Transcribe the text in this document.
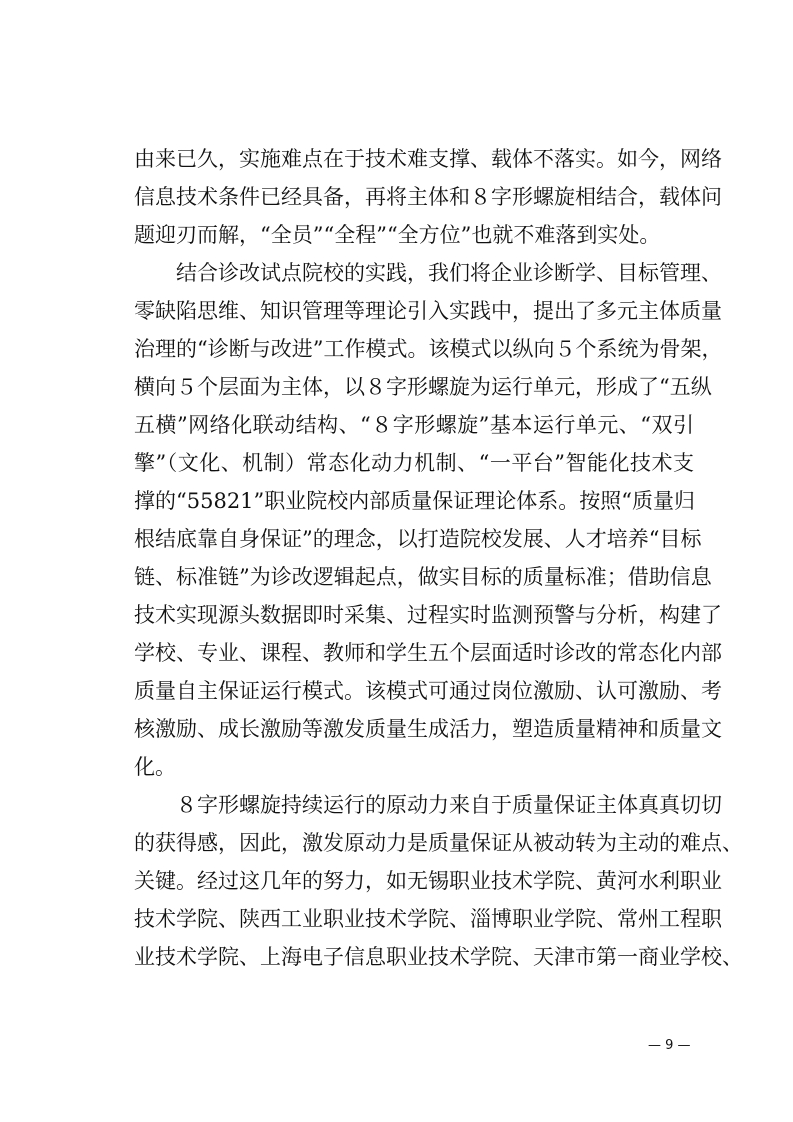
由来已久，实施难点在于技术难支撑、载体不落实。如今，网络
信息技术条件已经具备，再将主体和８字形螺旋相结合，载体问
题迎刃而解，“全员”“全程”“全方位”也就不难落到实处。
结合诊改试点院校的实践，我们将企业诊断学、目标管理、
零缺陷思维、知识管理等理论引入实践中，提出了多元主体质量
治理的“诊断与改进”工作模式。该模式以纵向５个系统为骨架，
横向５个层面为主体，以８字形螺旋为运行单元，形成了“五纵
五横”网络化联动结构、“８字形螺旋”基本运行单元、“双引
擎”（文化、机制）常态化动力机制、“一平台”智能化技术支
撑的“55821”职业院校内部质量保证理论体系。按照“质量归
根结底靠自身保证”的理念，以打造院校发展、人才培养“目标
链、标准链”为诊改逻辑起点，做实目标的质量标准；借助信息
技术实现源头数据即时采集、过程实时监测预警与分析，构建了
学校、专业、课程、教师和学生五个层面适时诊改的常态化内部
质量自主保证运行模式。该模式可通过岗位激励、认可激励、考
核激励、成长激励等激发质量生成活力，塑造质量精神和质量文
化。
８字形螺旋持续运行的原动力来自于质量保证主体真真切切
的获得感，因此，激发原动力是质量保证从被动转为主动的难点、
关键。经过这几年的努力，如无锡职业技术学院、黄河水利职业
技术学院、陕西工业职业技术学院、淄博职业学院、常州工程职
业技术学院、上海电子信息职业技术学院、天津市第一商业学校、
— 9 —
